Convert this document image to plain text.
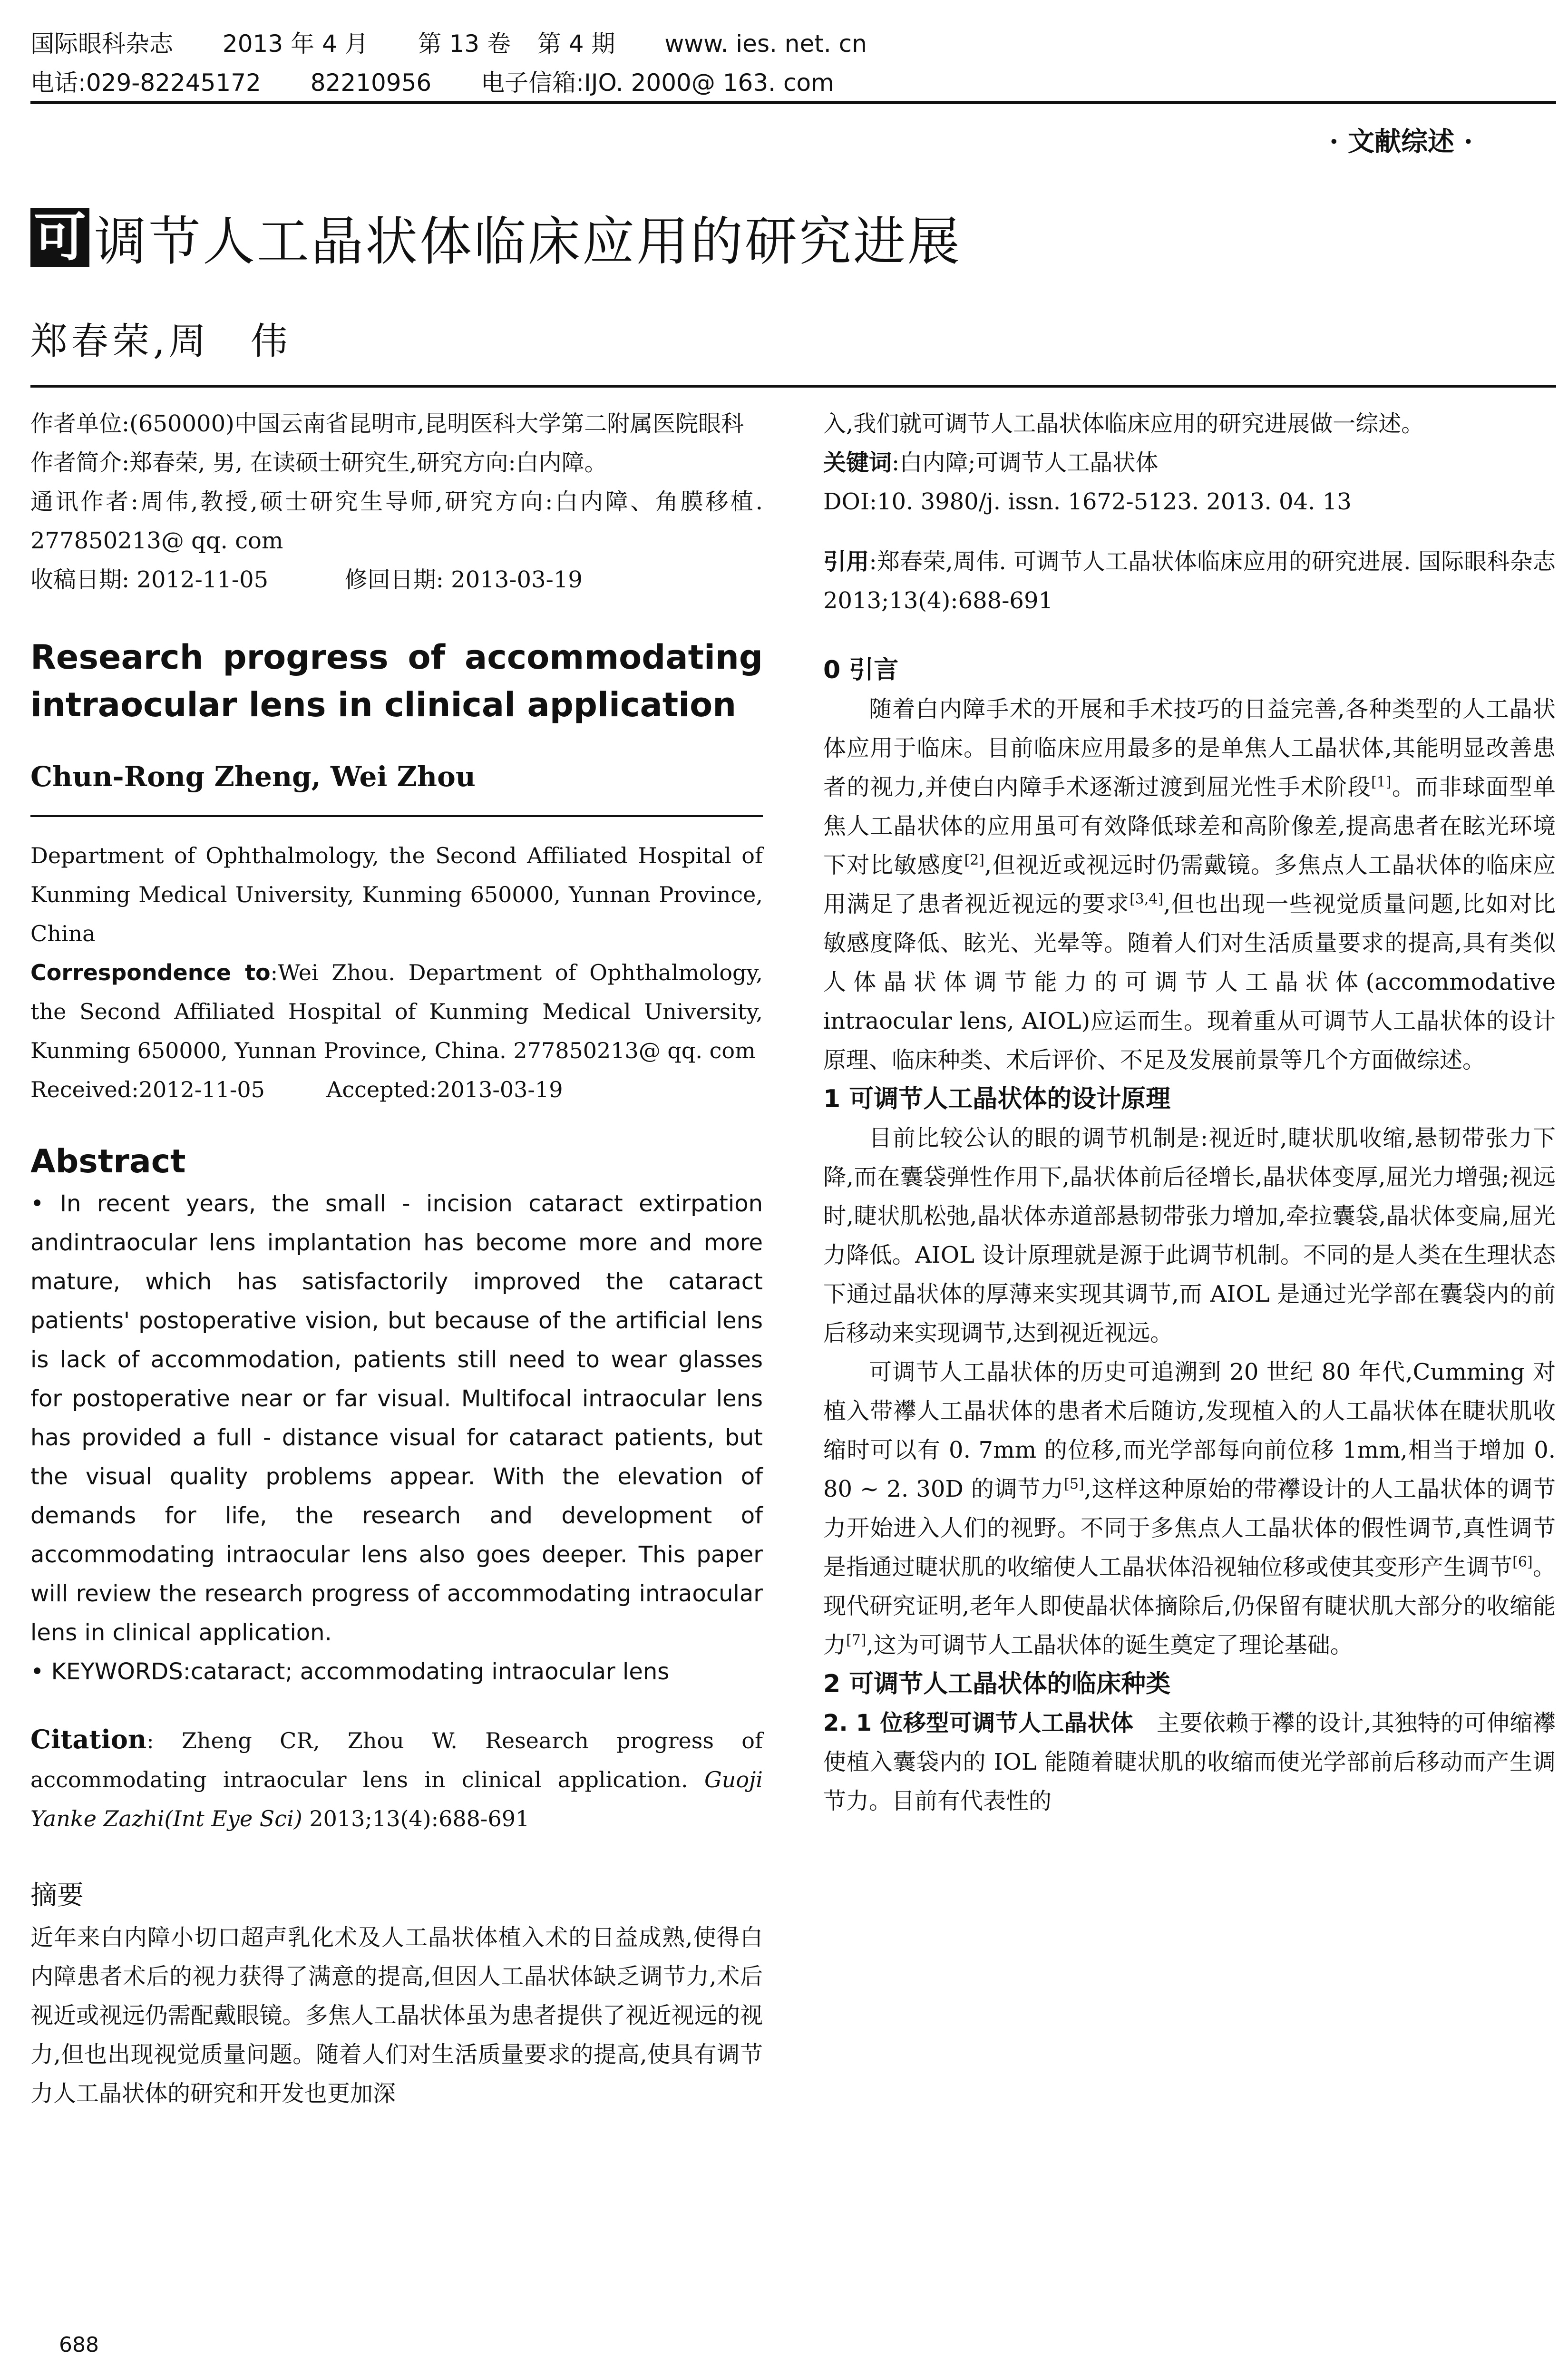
国际眼科杂志 2013 年 4 月 第 13 卷 第 4 期 www. ies. net. cn
电话:029-82245172 82210956 电子信箱:IJO. 2000@ 163. com
· 文献综述 ·
可 调节人工晶状体临床应用的研究进展
郑春荣,周　伟

作者单位:(650000)中国云南省昆明市,昆明医科大学第二附属医院眼科

作者简介:郑春荣, 男, 在读硕士研究生,研究方向:白内障。

通讯作者:周伟,教授,硕士研究生导师,研究方向:白内障、角膜移植. 277850213@ qq. com

收稿日期: 2012-11-05	修回日期: 2013-03-19

Research progress of accommodating intraocular lens in clinical application

Chun-Rong Zheng, Wei Zhou

Department of Ophthalmology, the Second Affiliated Hospital of Kunming Medical University, Kunming 650000, Yunnan Province, China

Correspondence to:Wei Zhou. Department of Ophthalmology, the Second Affiliated Hospital of Kunming Medical University, Kunming 650000, Yunnan Province, China. 277850213@ qq. com

Received:2012-11-05	Accepted:2013-03-19

Abstract

• In recent years, the small - incision cataract extirpation andintraocular lens implantation has become more and more mature, which has satisfactorily improved the cataract patients' postoperative vision, but because of the artificial lens is lack of accommodation, patients still need to wear glasses for postoperative near or far visual. Multifocal intraocular lens has provided a full - distance visual for cataract patients, but the visual quality problems appear. With the elevation of demands for life, the research and development of accommodating intraocular lens also goes deeper. This paper will review the research progress of accommodating intraocular lens in clinical application.

• KEYWORDS:cataract; accommodating intraocular lens

Citation: Zheng CR, Zhou W. Research progress of accommodating intraocular lens in clinical application. Guoji Yanke Zazhi(Int Eye Sci) 2013;13(4):688-691

摘要

近年来白内障小切口超声乳化术及人工晶状体植入术的日益成熟,使得白内障患者术后的视力获得了满意的提高,但因人工晶状体缺乏调节力,术后视近或视远仍需配戴眼镜。多焦人工晶状体虽为患者提供了视近视远的视力,但也出现视觉质量问题。随着人们对生活质量要求的提高,使具有调节力人工晶状体的研究和开发也更加深

入,我们就可调节人工晶状体临床应用的研究进展做一综述。

关键词:白内障;可调节人工晶状体

DOI:10. 3980/j. issn. 1672-5123. 2013. 04. 13

引用:郑春荣,周伟. 可调节人工晶状体临床应用的研究进展. 国际眼科杂志 2013;13(4):688-691

0 引言

随着白内障手术的开展和手术技巧的日益完善,各种类型的人工晶状体应用于临床。目前临床应用最多的是单焦人工晶状体,其能明显改善患者的视力,并使白内障手术逐渐过渡到屈光性手术阶段[1]。而非球面型单焦人工晶状体的应用虽可有效降低球差和高阶像差,提高患者在眩光环境下对比敏感度[2],但视近或视远时仍需戴镜。多焦点人工晶状体的临床应用满足了患者视近视远的要求[3,4],但也出现一些视觉质量问题,比如对比敏感度降低、眩光、光晕等。随着人们对生活质量要求的提高,具有类似人体晶状体调节能力的可调节人工晶状体(accommodative intraocular lens, AIOL)应运而生。现着重从可调节人工晶状体的设计原理、临床种类、术后评价、不足及发展前景等几个方面做综述。

1 可调节人工晶状体的设计原理

目前比较公认的眼的调节机制是:视近时,睫状肌收缩,悬韧带张力下降,而在囊袋弹性作用下,晶状体前后径增长,晶状体变厚,屈光力增强;视远时,睫状肌松弛,晶状体赤道部悬韧带张力增加,牵拉囊袋,晶状体变扁,屈光力降低。AIOL 设计原理就是源于此调节机制。不同的是人类在生理状态下通过晶状体的厚薄来实现其调节,而 AIOL 是通过光学部在囊袋内的前后移动来实现调节,达到视近视远。

可调节人工晶状体的历史可追溯到 20 世纪 80 年代,Cumming 对植入带襻人工晶状体的患者术后随访,发现植入的人工晶状体在睫状肌收缩时可以有 0. 7mm 的位移,而光学部每向前位移 1mm,相当于增加 0. 80 ~ 2. 30D 的调节力[5],这样这种原始的带襻设计的人工晶状体的调节力开始进入人们的视野。不同于多焦点人工晶状体的假性调节,真性调节是指通过睫状肌的收缩使人工晶状体沿视轴位移或使其变形产生调节[6]。现代研究证明,老年人即使晶状体摘除后,仍保留有睫状肌大部分的收缩能力[7],这为可调节人工晶状体的诞生奠定了理论基础。

2 可调节人工晶状体的临床种类

2. 1 位移型可调节人工晶状体　主要依赖于襻的设计,其独特的可伸缩襻使植入囊袋内的 IOL 能随着睫状肌的收缩而使光学部前后移动而产生调节力。目前有代表性的

688
